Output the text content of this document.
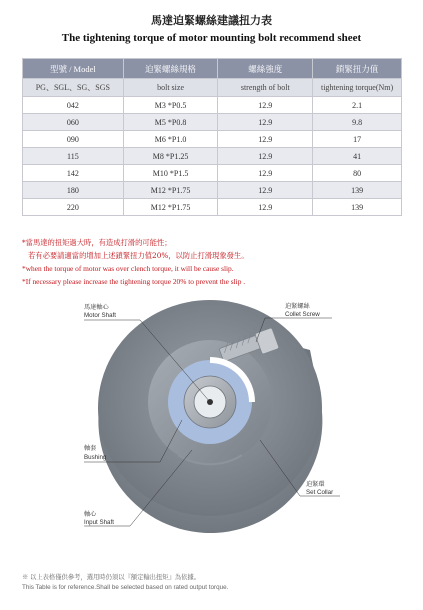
馬達迫緊螺絲建議扭力表
The tightening torque of motor mounting bolt recommend sheet
型號 / Model	迫緊螺絲規格	螺絲強度	鎖緊扭力值
PG、SGL、SG、SGS	bolt size	strength of bolt	tightening torque(Nm)
042	M3 *P0.5	12.9	2.1
060	M5 *P0.8	12.9	9.8
090	M6 *P1.0	12.9	17
115	M8 *P1.25	12.9	41
142	M10 *P1.5	12.9	80
180	M12 *P1.75	12.9	139
220	M12 *P1.75	12.9	139
*當馬達的扭矩過大時，有造成打滑的可能性；
若有必要請適當的增加上述鎖緊扭力值20%，以防止打滑現象發生。
*when the torque of motor was over clench torque, it will be cause slip.
*If necessary please increase the tightening torque 20% to prevent the slip .
馬達軸心
Motor Shaft
迫緊螺絲
Collet Screw
軸套
Bushing
迫緊環
Set Collar
軸心
Input Shaft
※ 以上表格僅供參考，選用時仍須以『額定輸出扭矩』為依據。
This Table is for reference.Shall be selected based on rated output torque.
